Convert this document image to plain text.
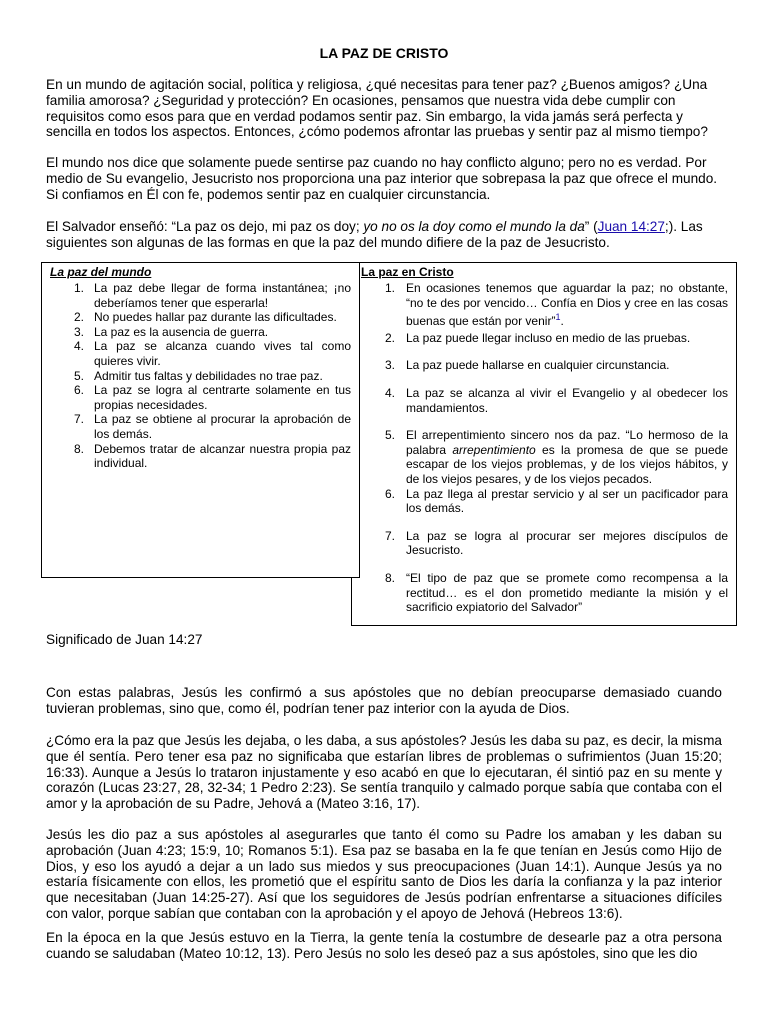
LA PAZ DE CRISTO

En un mundo de agitación social, política y religiosa, ¿qué necesitas para tener paz? ¿Buenos amigos? ¿Una familia amorosa? ¿Seguridad y protección? En ocasiones, pensamos que nuestra vida debe cumplir con requisitos como esos para que en verdad podamos sentir paz. Sin embargo, la vida jamás será perfecta y sencilla en todos los aspectos. Entonces, ¿cómo podemos afrontar las pruebas y sentir paz al mismo tiempo?

El mundo nos dice que solamente puede sentirse paz cuando no hay conflicto alguno; pero no es verdad. Por medio de Su evangelio, Jesucristo nos proporciona una paz interior que sobrepasa la paz que ofrece el mundo. Si confiamos en Él con fe, podemos sentir paz en cualquier circunstancia.

El Salvador enseñó: “La paz os dejo, mi paz os doy; yo no os la doy como el mundo la da” (Juan 14:27;). Las siguientes son algunas de las formas en que la paz del mundo difiere de la paz de Jesucristo.

La paz en Cristo
1. En ocasiones tenemos que aguardar la paz; no obstante, “no te des por vencido… Confía en Dios y cree en las cosas buenas que están por venir”$^1$.
2. La paz puede llegar incluso en medio de las pruebas.
3. La paz puede hallarse en cualquier circunstancia.
4. La paz se alcanza al vivir el Evangelio y al obedecer los mandamientos.
5. El arrepentimiento sincero nos da paz. “Lo hermoso de la palabra arrepentimiento es la promesa de que se puede escapar de los viejos problemas, y de los viejos hábitos, y de los viejos pesares, y de los viejos pecados.
6. La paz llega al prestar servicio y al ser un pacificador para los demás.
7. La paz se logra al procurar ser mejores discípulos de Jesucristo.
8. “El tipo de paz que se promete como recompensa a la rectitud… es el don prometido mediante la misión y el sacrificio expiatorio del Salvador”
La paz del mundo
1. La paz debe llegar de forma instantánea; ¡no deberíamos tener que esperarla!
2. No puedes hallar paz durante las dificultades.
3. La paz es la ausencia de guerra.
4. La paz se alcanza cuando vives tal como quieres vivir.
5. Admitir tus faltas y debilidades no trae paz.
6. La paz se logra al centrarte solamente en tus propias necesidades.
7. La paz se obtiene al procurar la aprobación de los demás.
8. Debemos tratar de alcanzar nuestra propia paz individual.

Significado de Juan 14:27

Con estas palabras, Jesús les confirmó a sus apóstoles que no debían preocuparse demasiado cuando tuvieran problemas, sino que, como él, podrían tener paz interior con la ayuda de Dios.

¿Cómo era la paz que Jesús les dejaba, o les daba, a sus apóstoles? Jesús les daba su paz, es decir, la misma que él sentía. Pero tener esa paz no significaba que estarían libres de problemas o sufrimientos (Juan 15:20; 16:33). Aunque a Jesús lo trataron injustamente y eso acabó en que lo ejecutaran, él sintió paz en su mente y corazón (Lucas 23:27, 28, 32-34; 1 Pedro 2:23). Se sentía tranquilo y calmado porque sabía que contaba con el amor y la aprobación de su Padre, Jehová a (Mateo 3:16, 17).

Jesús les dio paz a sus apóstoles al asegurarles que tanto él como su Padre los amaban y les daban su aprobación (Juan 4:23; 15:9, 10; Romanos 5:1). Esa paz se basaba en la fe que tenían en Jesús como Hijo de Dios, y eso los ayudó a dejar a un lado sus miedos y sus preocupaciones (Juan 14:1). Aunque Jesús ya no estaría físicamente con ellos, les prometió que el espíritu santo de Dios les daría la confianza y la paz interior que necesitaban (Juan 14:25-27). Así que los seguidores de Jesús podrían enfrentarse a situaciones difíciles con valor, porque sabían que contaban con la aprobación y el apoyo de Jehová (Hebreos 13:6).

En la época en la que Jesús estuvo en la Tierra, la gente tenía la costumbre de desearle paz a otra persona cuando se saludaban (Mateo 10:12, 13). Pero Jesús no solo les deseó paz a sus apóstoles, sino que les dio
